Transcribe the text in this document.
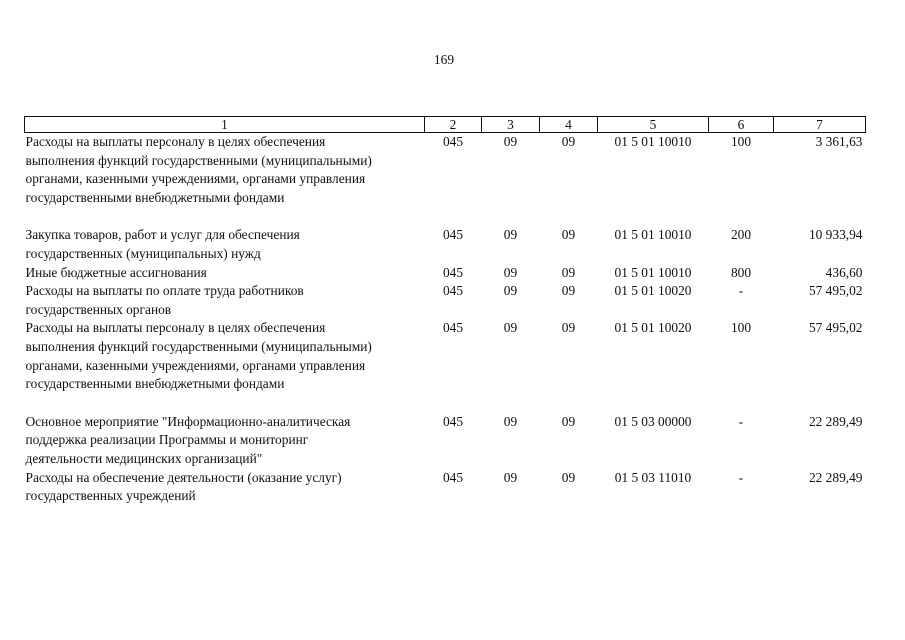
169
1	2	3	4	5	6	7

Расходы на выплаты персоналу в целях обеспечения
выполнения функций государственными (муниципальными)
органами, казенными учреждениями, органами управления
государственными внебюджетными фондами	045	09	09	01 5 01 10010	100	3 361,63

Закупка товаров, работ и услуг для обеспечения
государственных (муниципальных) нужд	045	09	09	01 5 01 10010	200	10 933,94

Иные бюджетные ассигнования	045	09	09	01 5 01 10010	800	436,60

Расходы на выплаты по оплате труда работников
государственных органов	045	09	09	01 5 01 10020	-	57 495,02

Расходы на выплаты персоналу в целях обеспечения
выполнения функций государственными (муниципальными)
органами, казенными учреждениями, органами управления
государственными внебюджетными фондами	045	09	09	01 5 01 10020	100	57 495,02

Основное мероприятие "Информационно-аналитическая
поддержка реализации Программы и мониторинг
деятельности медицинских организаций"	045	09	09	01 5 03 00000	-	22 289,49

Расходы на обеспечение деятельности (оказание услуг)
государственных учреждений	045	09	09	01 5 03 11010	-	22 289,49
